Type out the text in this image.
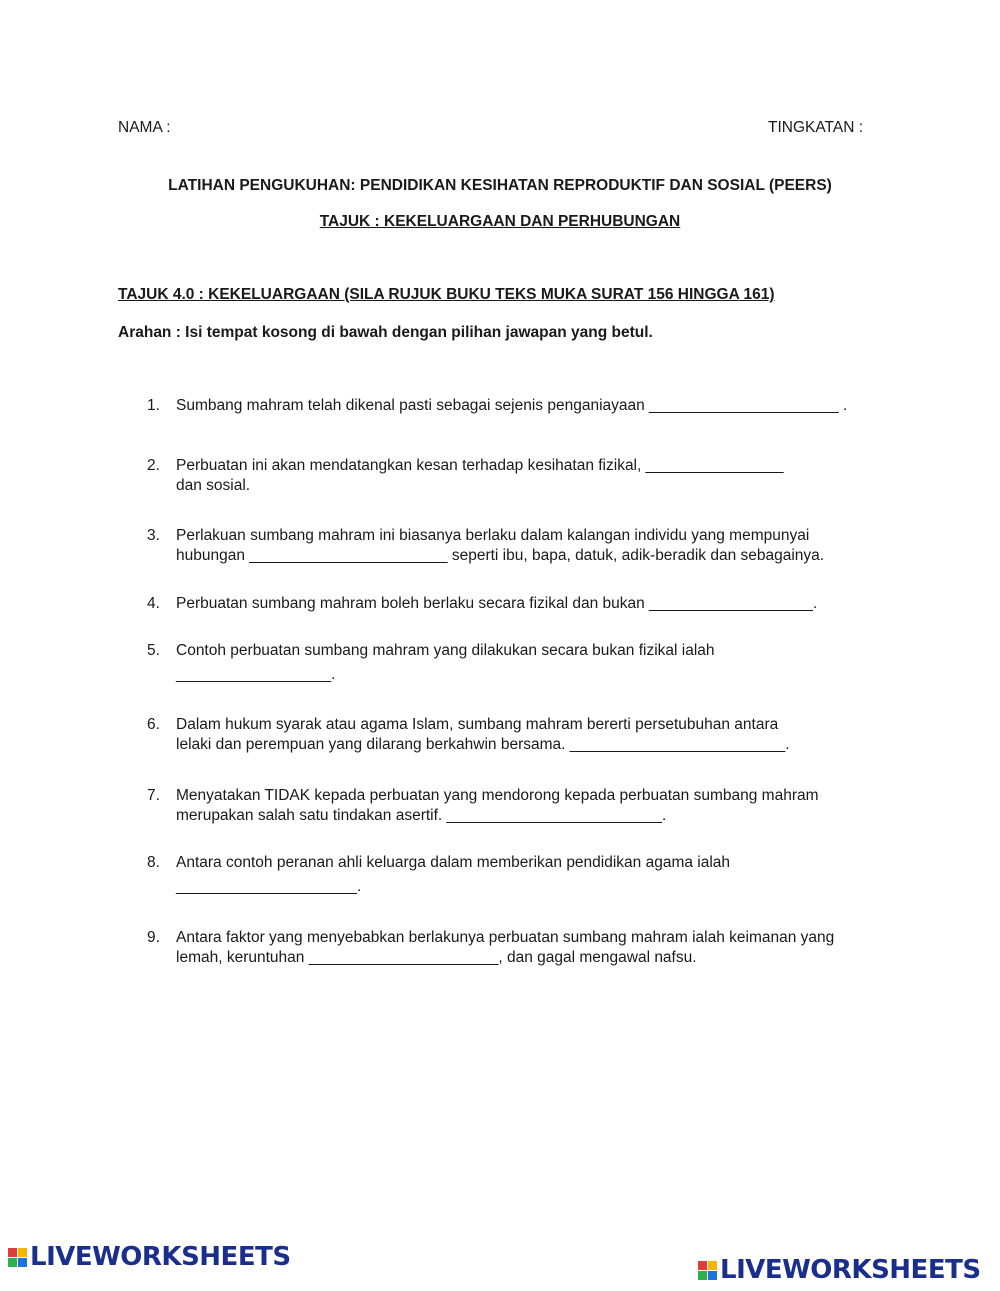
NAMA :	TINGKATAN :
LATIHAN PENGUKUHAN: PENDIDIKAN KESIHATAN REPRODUKTIF DAN SOSIAL (PEERS)
TAJUK : KEKELUARGAAN DAN PERHUBUNGAN
TAJUK 4.0 : KEKELUARGAAN (SILA RUJUK BUKU TEKS MUKA SURAT 156 HINGGA 161)
Arahan : Isi tempat kosong di bawah dengan pilihan jawapan yang betul.
1.	Sumbang mahram telah dikenal pasti sebagai sejenis penganiayaan ______________________ .
2.	Perbuatan ini akan mendatangkan kesan terhadap kesihatan fizikal, ________________
dan sosial.
3.	Perlakuan sumbang mahram ini biasanya berlaku dalam kalangan individu yang mempunyai
hubungan _______________________ seperti ibu, bapa, datuk, adik-beradik dan sebagainya.
4.	Perbuatan sumbang mahram boleh berlaku secara fizikal dan bukan ___________________.
5.	Contoh perbuatan sumbang mahram yang dilakukan secara bukan fizikal ialah
__________________.
6.	Dalam hukum syarak atau agama Islam, sumbang mahram bererti persetubuhan antara
lelaki dan perempuan yang dilarang berkahwin bersama. _________________________.
7.	Menyatakan TIDAK kepada perbuatan yang mendorong kepada perbuatan sumbang mahram
merupakan salah satu tindakan asertif. _________________________.
8.	Antara contoh peranan ahli keluarga dalam memberikan pendidikan agama ialah
_____________________.
9.	Antara faktor yang menyebabkan berlakunya perbuatan sumbang mahram ialah keimanan yang
lemah, keruntuhan ______________________, dan gagal mengawal nafsu.
LIVEWORKSHEETS	LIVEWORKSHEETS
